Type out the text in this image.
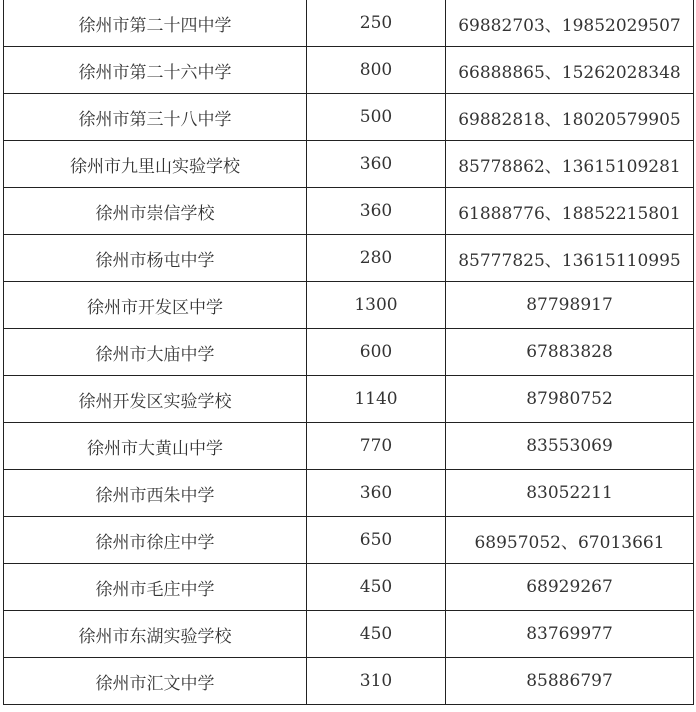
徐州市第二十四中学	250	69882703、19852029507
徐州市第二十六中学	800	66888865、15262028348
徐州市第三十八中学	500	69882818、18020579905
徐州市九里山实验学校	360	85778862、13615109281
徐州市崇信学校	360	61888776、18852215801
徐州市杨屯中学	280	85777825、13615110995
徐州市开发区中学	1300	87798917
徐州市大庙中学	600	67883828
徐州开发区实验学校	1140	87980752
徐州市大黄山中学	770	83553069
徐州市西朱中学	360	83052211
徐州市徐庄中学	650	68957052、67013661
徐州市毛庄中学	450	68929267
徐州市东湖实验学校	450	83769977
徐州市汇文中学	310	85886797
